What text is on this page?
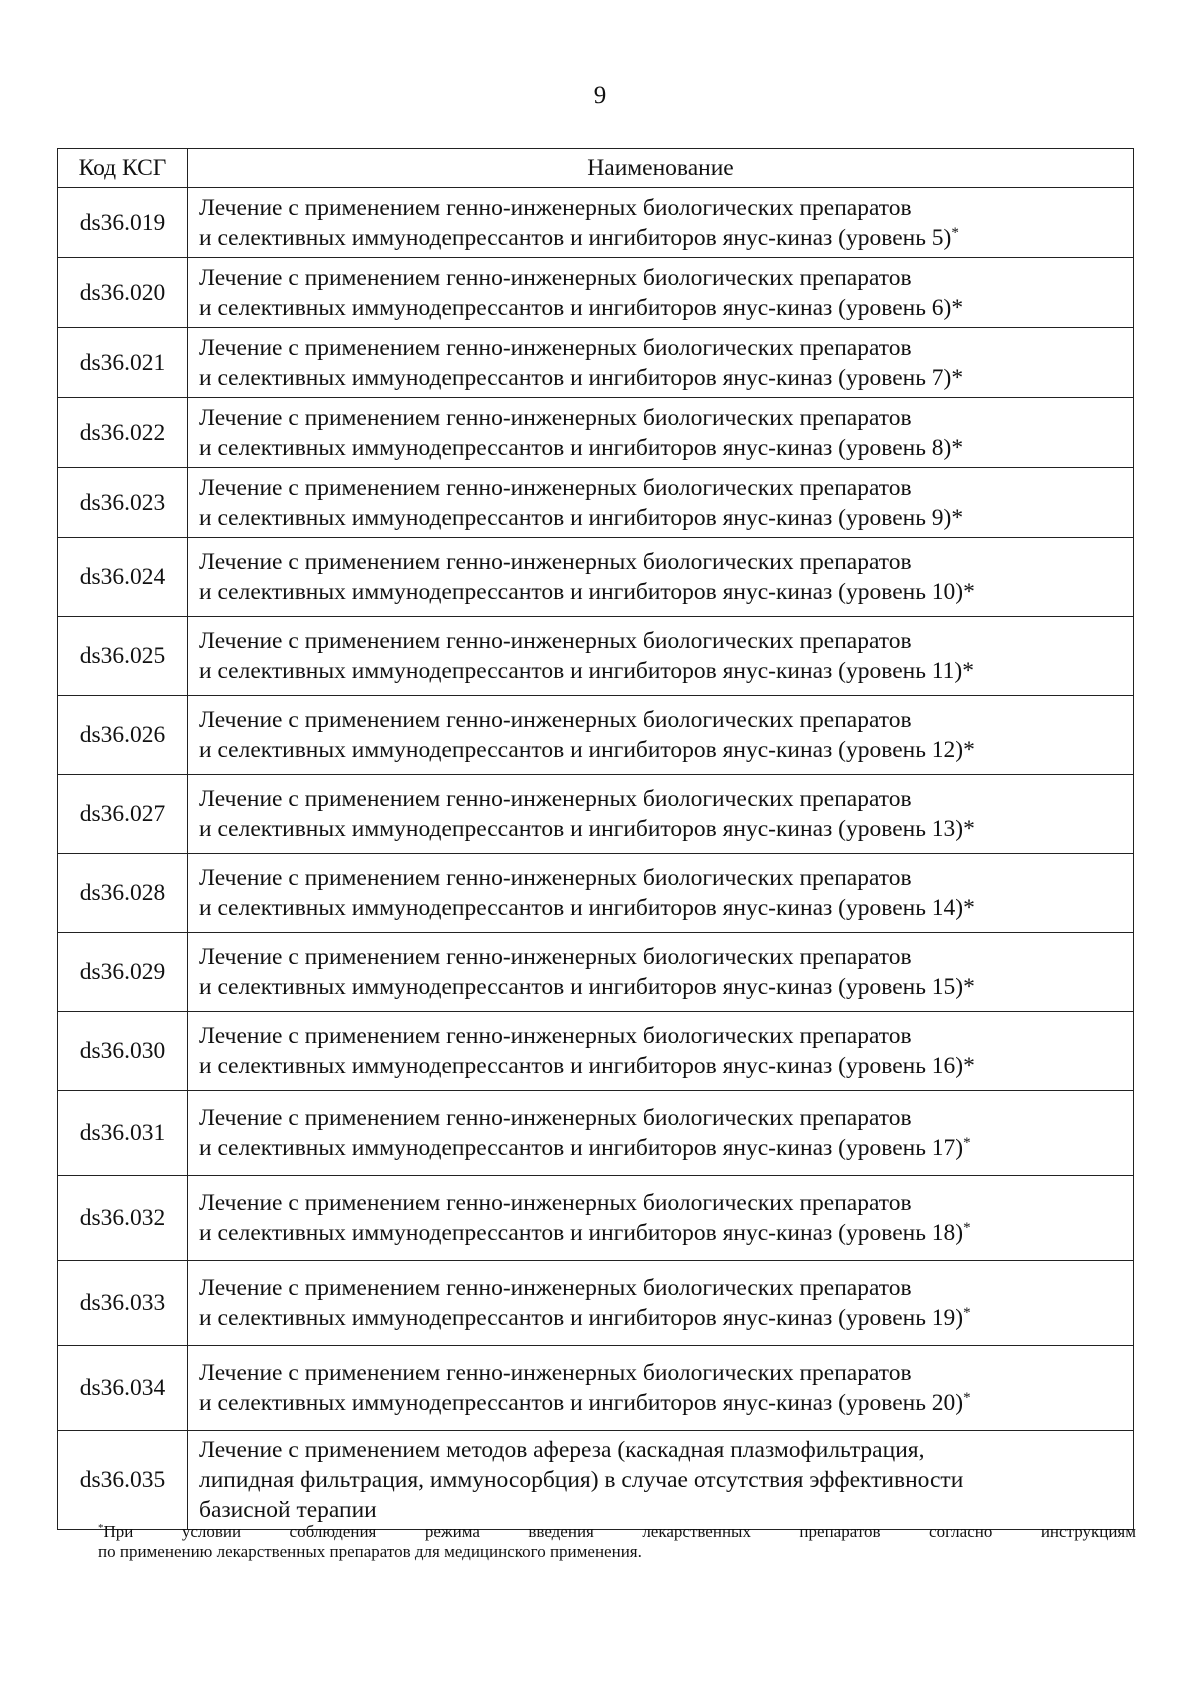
9
Код КСГ	Наименование
ds36.019	Лечение с применением генно-инженерных биологических препаратов
и селективных иммунодепрессантов и ингибиторов янус-киназ (уровень 5)*

ds36.020	Лечение с применением генно-инженерных биологических препаратов
и селективных иммунодепрессантов и ингибиторов янус-киназ (уровень 6)*

ds36.021	Лечение с применением генно-инженерных биологических препаратов
и селективных иммунодепрессантов и ингибиторов янус-киназ (уровень 7)*

ds36.022	Лечение с применением генно-инженерных биологических препаратов
и селективных иммунодепрессантов и ингибиторов янус-киназ (уровень 8)*

ds36.023	Лечение с применением генно-инженерных биологических препаратов
и селективных иммунодепрессантов и ингибиторов янус-киназ (уровень 9)*

ds36.024	Лечение с применением генно-инженерных биологических препаратов
и селективных иммунодепрессантов и ингибиторов янус-киназ (уровень 10)*

ds36.025	Лечение с применением генно-инженерных биологических препаратов
и селективных иммунодепрессантов и ингибиторов янус-киназ (уровень 11)*

ds36.026	Лечение с применением генно-инженерных биологических препаратов
и селективных иммунодепрессантов и ингибиторов янус-киназ (уровень 12)*

ds36.027	Лечение с применением генно-инженерных биологических препаратов
и селективных иммунодепрессантов и ингибиторов янус-киназ (уровень 13)*

ds36.028	Лечение с применением генно-инженерных биологических препаратов
и селективных иммунодепрессантов и ингибиторов янус-киназ (уровень 14)*

ds36.029	Лечение с применением генно-инженерных биологических препаратов
и селективных иммунодепрессантов и ингибиторов янус-киназ (уровень 15)*

ds36.030	Лечение с применением генно-инженерных биологических препаратов
и селективных иммунодепрессантов и ингибиторов янус-киназ (уровень 16)*

ds36.031	Лечение с применением генно-инженерных биологических препаратов
и селективных иммунодепрессантов и ингибиторов янус-киназ (уровень 17)*

ds36.032	Лечение с применением генно-инженерных биологических препаратов
и селективных иммунодепрессантов и ингибиторов янус-киназ (уровень 18)*

ds36.033	Лечение с применением генно-инженерных биологических препаратов
и селективных иммунодепрессантов и ингибиторов янус-киназ (уровень 19)*

ds36.034	Лечение с применением генно-инженерных биологических препаратов
и селективных иммунодепрессантов и ингибиторов янус-киназ (уровень 20)*

ds36.035	Лечение с применением методов афереза (каскадная плазмофильтрация,
липидная фильтрация, иммуносорбция) в случае отсутствия эффективности
базисной терапии
*При условии соблюдения режима введения лекарственных препаратов согласно инструкциям
по применению лекарственных препаратов для медицинского применения.
